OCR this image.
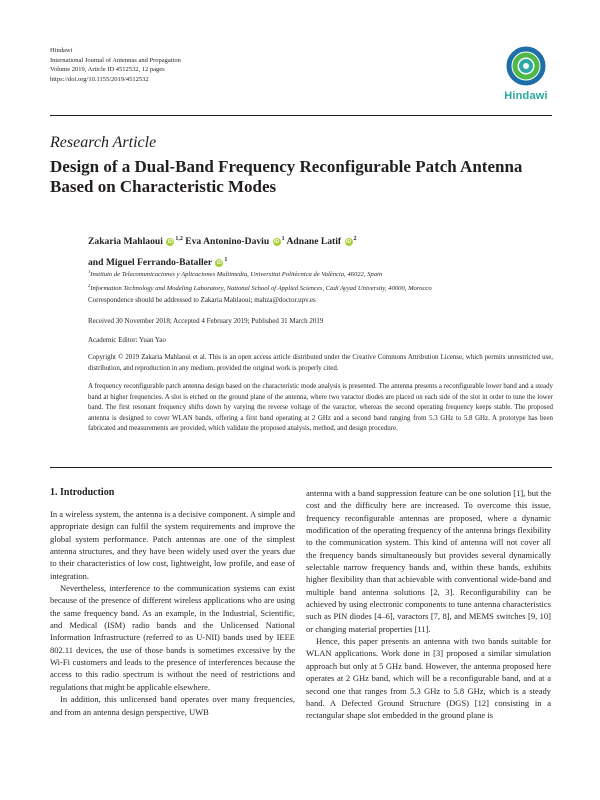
Hindawi
International Journal of Antennas and Propagation
Volume 2019, Article ID 4512532, 12 pages
https://doi.org/10.1155/2019/4512532
Hindawi
Research Article
Design of a Dual-Band Frequency Reconfigurable Patch Antenna Based on Characteristic Modes
Zakaria Mahlaoui iD $^{1,2}$ Eva Antonino-Daviu iD $^1$ Adnane Latif iD $^2$
and Miguel Ferrando-Bataller iD $^1$
$^1$Instituto de Telecomunicaciones y Aplicaciones Multimedia, Universitat Politècnica de València, 46022, Spain
$^2$Information Technology and Modeling Laboratory, National School of Applied Sciences, Cadi Ayyad University, 40000, Morocco
Correspondence should be addressed to Zakaria Mahlaoui; mahza@doctor.upv.es
Received 30 November 2018; Accepted 4 February 2019; Published 31 March 2019
Academic Editor: Yuan Yao
Copyright © 2019 Zakaria Mahlaoui et al. This is an open access article distributed under the Creative Commons Attribution License, which permits unrestricted use, distribution, and reproduction in any medium, provided the original work is properly cited.
A frequency reconfigurable patch antenna design based on the characteristic mode analysis is presented. The antenna presents a reconfigurable lower band and a steady band at higher frequencies. A slot is etched on the ground plane of the antenna, where two varactor diodes are placed on each side of the slot in order to tune the lower band. The first resonant frequency shifts down by varying the reverse voltage of the varactor, whereas the second operating frequency keeps stable. The proposed antenna is designed to cover WLAN bands, offering a first band operating at 2 GHz and a second band ranging from 5.3 GHz to 5.8 GHz. A prototype has been fabricated and measurements are provided, which validate the proposed analysis, method, and design procedure.
1. Introduction

In a wireless system, the antenna is a decisive component. A simple and appropriate design can fulfil the system requirements and improve the global system performance. Patch antennas are one of the simplest antenna structures, and they have been widely used over the years due to their characteristics of low cost, lightweight, low profile, and ease of integration.

Nevertheless, interference to the communication systems can exist because of the presence of different wireless applications who are using the same frequency band. As an example, in the Industrial, Scientific, and Medical (ISM) radio bands and the Unlicensed National Information Infrastructure (referred to as U-NII) bands used by IEEE 802.11 devices, the use of those bands is sometimes excessive by the Wi-Fi customers and leads to the presence of interferences because the access to this radio spectrum is without the need of restrictions and regulations that might be applicable elsewhere.

In addition, this unlicensed band operates over many frequencies, and from an antenna design perspective, UWB

antenna with a band suppression feature can be one solution [1], but the cost and the difficulty here are increased. To overcome this issue, frequency reconfigurable antennas are proposed, where a dynamic modification of the operating frequency of the antenna brings flexibility to the communication system. This kind of antenna will not cover all the frequency bands simultaneously but provides several dynamically selectable narrow frequency bands and, within these bands, exhibits higher flexibility than that achievable with conventional wide-band and multiple band antenna solutions [2, 3]. Reconfigurability can be achieved by using electronic components to tune antenna characteristics such as PIN diodes [4–6], varactors [7, 8], and MEMS switches [9, 10] or changing material properties [11].

Hence, this paper presents an antenna with two bands suitable for WLAN applications. Work done in [3] proposed a similar simulation approach but only at 5 GHz band. However, the antenna proposed here operates at 2 GHz band, which will be a reconfigurable band, and at a second one that ranges from 5.3 GHz to 5.8 GHz, which is a steady band. A Defected Ground Structure (DGS) [12] consisting in a rectangular shape slot embedded in the ground plane is
